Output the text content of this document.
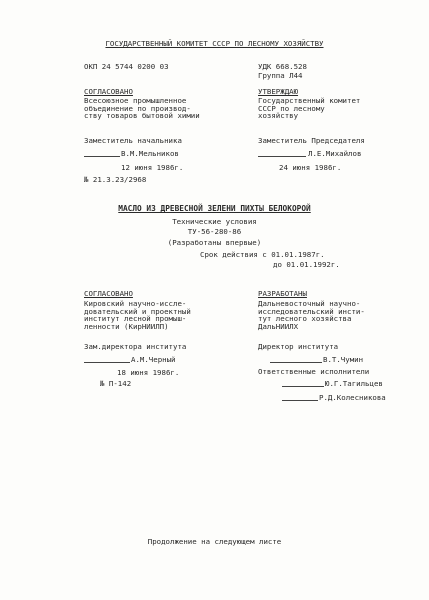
ГОСУДАРСТВЕННЫЙ КОМИТЕТ СССР ПО ЛЕСНОМУ ХОЗЯЙСТВУ
ОКП 24 5744 0200 03	УДК 668.528
Группа Л44
СОГЛАСОВАНО
Всесоюзное промышленное объединение по производ- ству товаров бытовой химии
Заместитель начальника
В.М.Мельников
12 июня 1986г.
№ 21.3.23/2968
УТВЕРЖДАЮ
Государственный комитет СССР по лесному хозяйству
Заместитель Председателя
Л.Е.Михайлов
24 июня 1986г.
МАСЛО ИЗ ДРЕВЕСНОЙ ЗЕЛЕНИ ПИХТЫ БЕЛОКОРОЙ
Технические условия
ТУ-56-280-86
(Разработаны впервые)
Срок действия с 01.01.1987г.
до 01.01.1992г.
СОГЛАСОВАНО
Кировский научно-иссле- довательский и проектный институт лесной промыш- ленности (КирНИИЛП)
Зам.директора института
А.М.Черный
18 июня 1986г.
№ П-142
РАЗРАБОТАНЫ
Дальневосточный научно- исследовательский инсти- тут лесного хозяйства ДальНИИЛХ
Директор института
В.Т.Чумин
Ответственные исполнители
Ю.Г.Тагильцев
Р.Д.Колесникова
Продолжение на следующем листе
